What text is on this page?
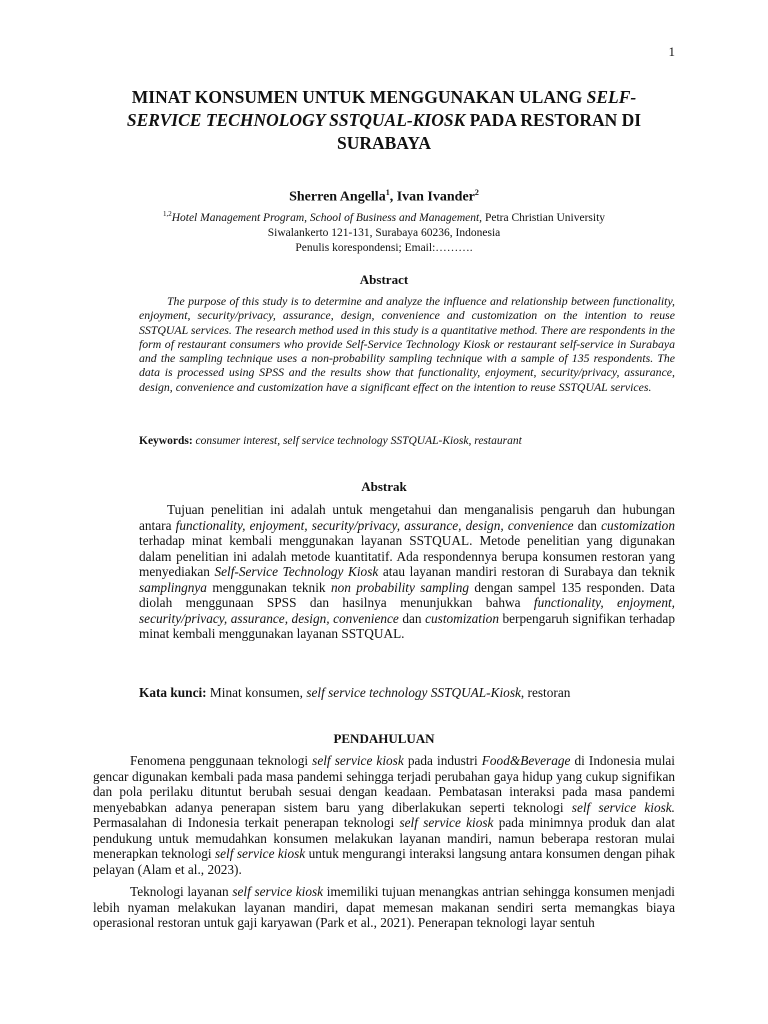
1
MINAT KONSUMEN UNTUK MENGGUNAKAN ULANG SELF-SERVICE TECHNOLOGY SSTQUAL-KIOSK PADA RESTORAN DI SURABAYA
Sherren Angella$^1$, Ivan Ivander$^2$
$^{1,2}$Hotel Management Program, School of Business and Management, Petra Christian University
Siwalankerto 121-131, Surabaya 60236, Indonesia
Penulis korespondensi; Email:……….
Abstract
The purpose of this study is to determine and analyze the influence and relationship between functionality, enjoyment, security/privacy, assurance, design, convenience and customization on the intention to reuse SSTQUAL services. The research method used in this study is a quantitative method. There are respondents in the form of restaurant consumers who provide Self-Service Technology Kiosk or restaurant self-service in Surabaya and the sampling technique uses a non-probability sampling technique with a sample of 135 respondents. The data is processed using SPSS and the results show that functionality, enjoyment, security/privacy, assurance, design, convenience and customization have a significant effect on the intention to reuse SSTQUAL services.
Keywords: consumer interest, self service technology SSTQUAL-Kiosk, restaurant
Abstrak
Tujuan penelitian ini adalah untuk mengetahui dan menganalisis pengaruh dan hubungan antara functionality, enjoyment, security/privacy, assurance, design, convenience dan customization terhadap minat kembali menggunakan layanan SSTQUAL. Metode penelitian yang digunakan dalam penelitian ini adalah metode kuantitatif. Ada respondennya berupa konsumen restoran yang menyediakan Self-Service Technology Kiosk atau layanan mandiri restoran di Surabaya dan teknik samplingnya menggunakan teknik non probability sampling dengan sampel 135 responden. Data diolah menggunaan SPSS dan hasilnya menunjukkan bahwa functionality, enjoyment, security/privacy, assurance, design, convenience dan customization berpengaruh signifikan terhadap minat kembali menggunakan layanan SSTQUAL.
Kata kunci: Minat konsumen, self service technology SSTQUAL-Kiosk, restoran
PENDAHULUAN
Fenomena penggunaan teknologi self service kiosk pada industri Food&Beverage di Indonesia mulai gencar digunakan kembali pada masa pandemi sehingga terjadi perubahan gaya hidup yang cukup signifikan dan pola perilaku dituntut berubah sesuai dengan keadaan. Pembatasan interaksi pada masa pandemi menyebabkan adanya penerapan sistem baru yang diberlakukan seperti teknologi self service kiosk. Permasalahan di Indonesia terkait penerapan teknologi self service kiosk pada minimnya produk dan alat pendukung untuk memudahkan konsumen melakukan layanan mandiri, namun beberapa restoran mulai menerapkan teknologi self service kiosk untuk mengurangi interaksi langsung antara konsumen dengan pihak pelayan (Alam et al., 2023).
Teknologi layanan self service kiosk imemiliki tujuan menangkas antrian sehingga konsumen menjadi lebih nyaman melakukan layanan mandiri, dapat memesan makanan sendiri serta memangkas biaya operasional restoran untuk gaji karyawan (Park et al., 2021). Penerapan teknologi layar sentuh
